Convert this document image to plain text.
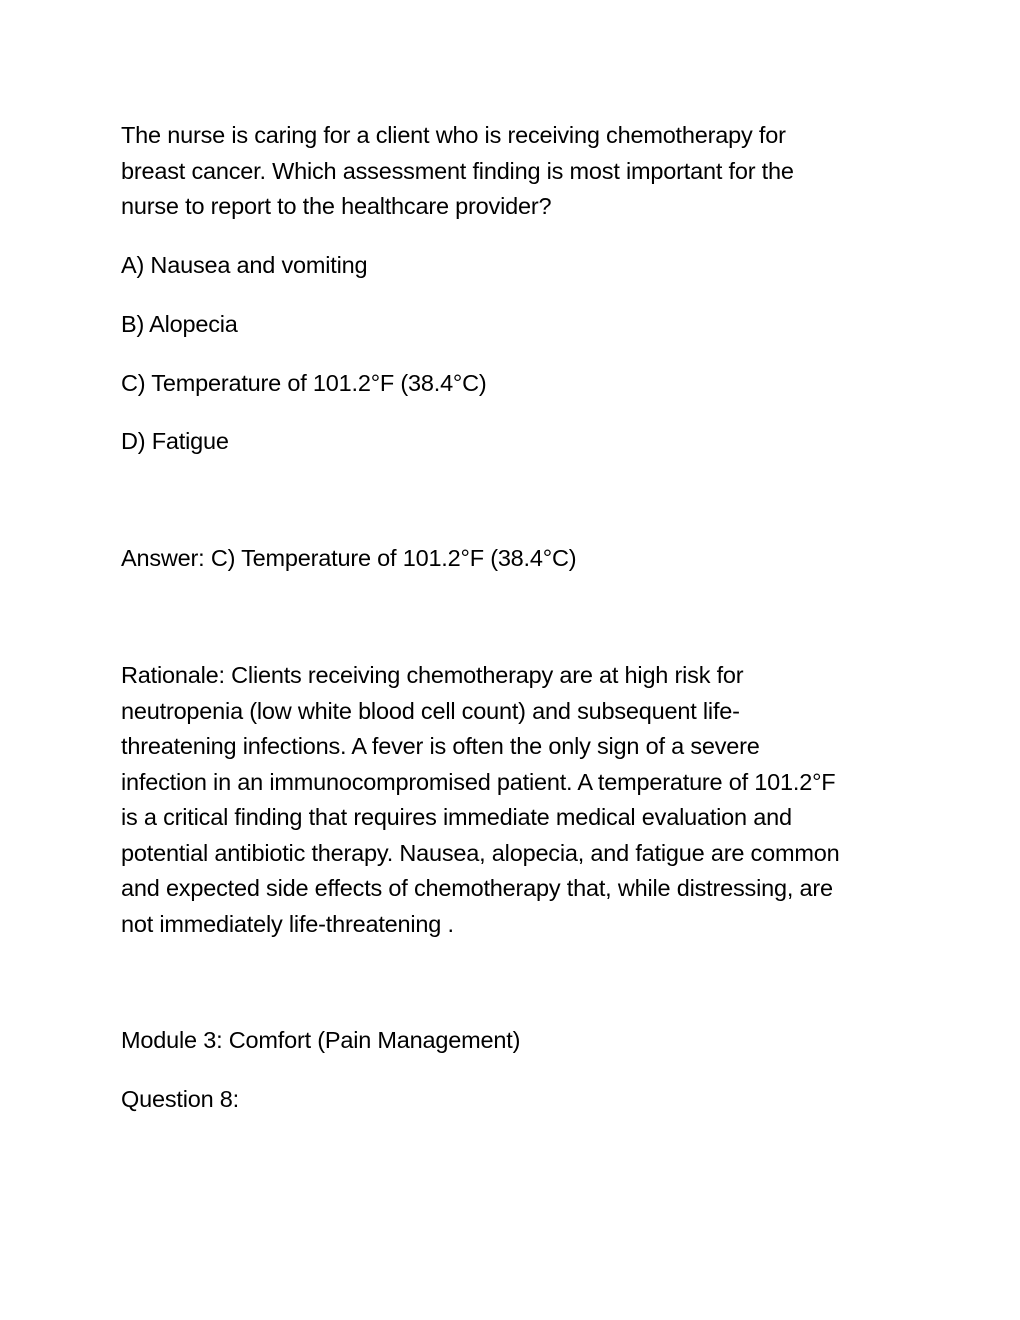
The nurse is caring for a client who is receiving chemotherapy for
breast cancer. Which assessment finding is most important for the
nurse to report to the healthcare provider?

A) Nausea and vomiting

B) Alopecia

C) Temperature of 101.2°F (38.4°C)

D) Fatigue

Answer: C) Temperature of 101.2°F (38.4°C)

Rationale: Clients receiving chemotherapy are at high risk for
neutropenia (low white blood cell count) and subsequent life-
threatening infections. A fever is often the only sign of a severe
infection in an immunocompromised patient. A temperature of 101.2°F
is a critical finding that requires immediate medical evaluation and
potential antibiotic therapy. Nausea, alopecia, and fatigue are common
and expected side effects of chemotherapy that, while distressing, are
not immediately life-threatening .

Module 3: Comfort (Pain Management)

Question 8:
